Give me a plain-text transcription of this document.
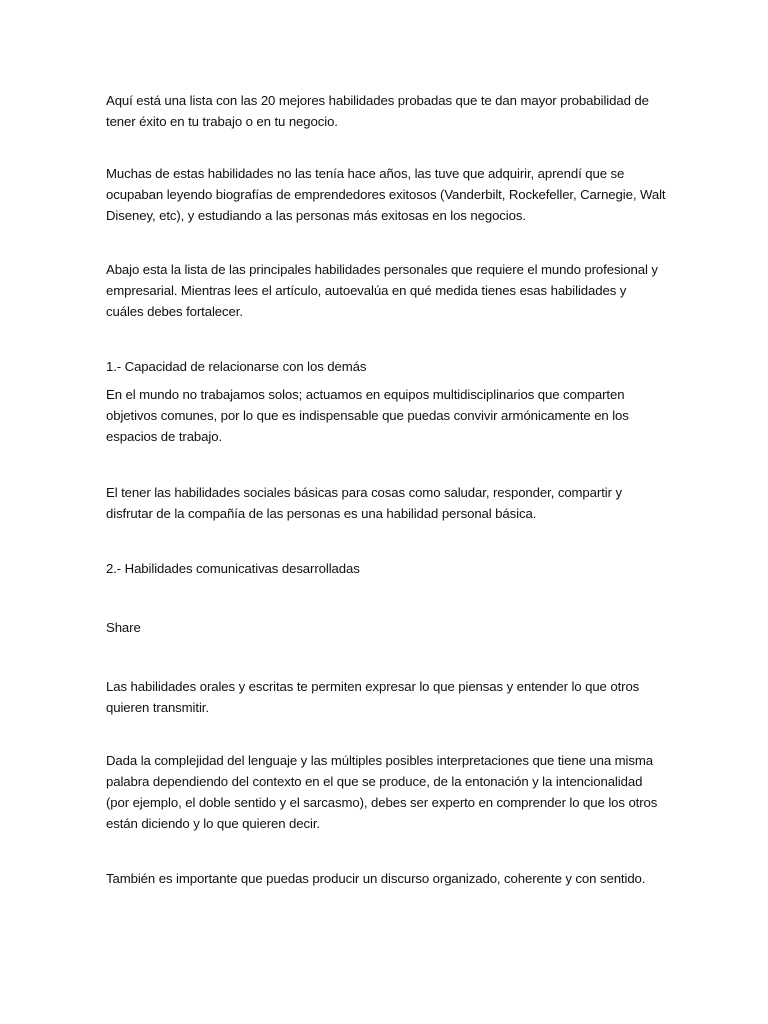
Aquí está una lista con las 20 mejores habilidades probadas que te dan mayor probabilidad de tener éxito en tu trabajo o en tu negocio.

Muchas de estas habilidades no las tenía hace años, las tuve que adquirir, aprendí que se ocupaban leyendo biografías de emprendedores exitosos (Vanderbilt, Rockefeller, Carnegie, Walt Diseney, etc), y estudiando a las personas más exitosas en los negocios.

Abajo esta la lista de las principales habilidades personales que requiere el mundo profesional y empresarial. Mientras lees el artículo, autoevalúa en qué medida tienes esas habilidades y cuáles debes fortalecer.

1.- Capacidad de relacionarse con los demás

En el mundo no trabajamos solos; actuamos en equipos multidisciplinarios que comparten objetivos comunes, por lo que es indispensable que puedas convivir armónicamente en los espacios de trabajo.

El tener las habilidades sociales básicas para cosas como saludar, responder, compartir y disfrutar de la compañía de las personas es una habilidad personal básica.

2.- Habilidades comunicativas desarrolladas

Share

Las habilidades orales y escritas te permiten expresar lo que piensas y entender lo que otros quieren transmitir.

Dada la complejidad del lenguaje y las múltiples posibles interpretaciones que tiene una misma palabra dependiendo del contexto en el que se produce, de la entonación y la intencionalidad (por ejemplo, el doble sentido y el sarcasmo), debes ser experto en comprender lo que los otros están diciendo y lo que quieren decir.

También es importante que puedas producir un discurso organizado, coherente y con sentido.
